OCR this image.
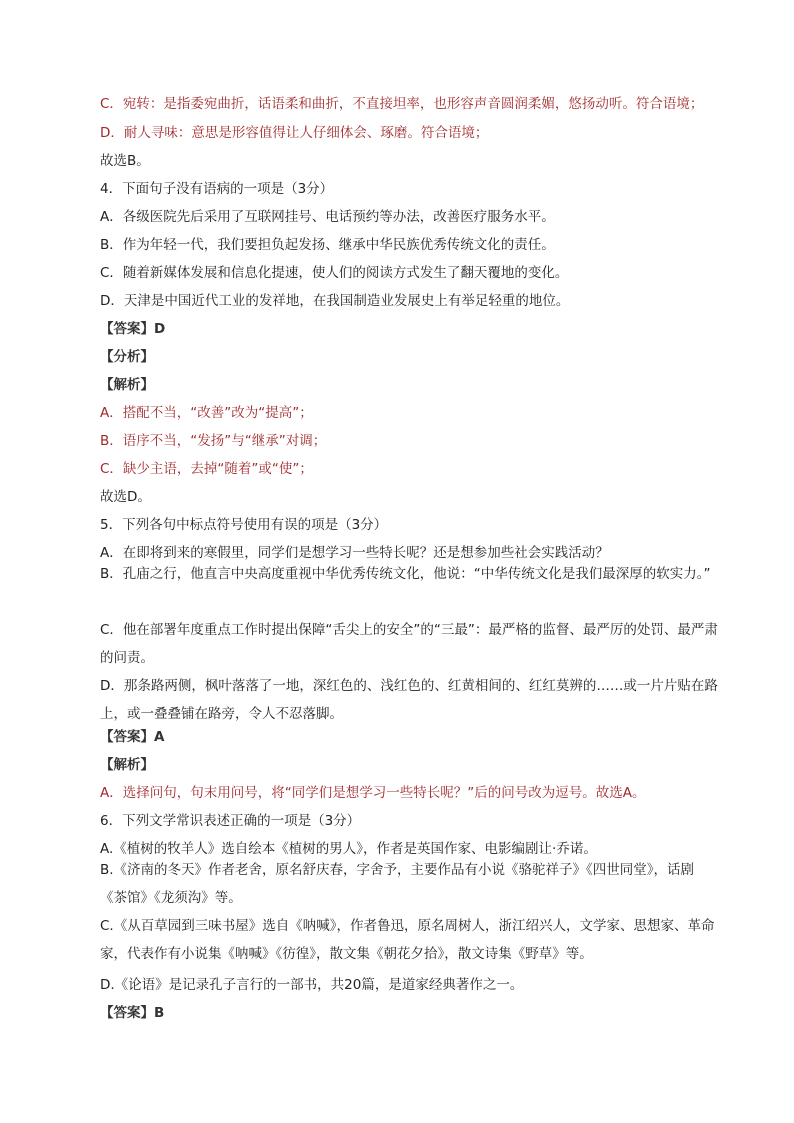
C．宛转：是指委宛曲折，话语柔和曲折，不直接坦率，也形容声音圆润柔媚，悠扬动听。符合语境；
D．耐人寻味：意思是形容值得让人仔细体会、琢磨。符合语境；
故选B。
4．下面句子没有语病的一项是（3分）
A．各级医院先后采用了互联网挂号、电话预约等办法，改善医疗服务水平。
B．作为年轻一代，我们要担负起发扬、继承中华民族优秀传统文化的责任。
C．随着新媒体发展和信息化提速，使人们的阅读方式发生了翻天覆地的变化。
D．天津是中国近代工业的发祥地，在我国制造业发展史上有举足轻重的地位。
【答案】D
【分析】
【解析】
A．搭配不当，“改善”改为“提高”；
B．语序不当，“发扬”与“继承”对调；
C．缺少主语，去掉“随着”或“使”；
故选D。
5．下列各句中标点符号使用有误的项是（3分）
A．在即将到来的寒假里，同学们是想学习一些特长呢？还是想参加些社会实践活动？
B．孔庙之行，他直言中央高度重视中华优秀传统文化，他说：“中华传统文化是我们最深厚的软实力。”
C．他在部署年度重点工作时提出保障“舌尖上的安全”的“三最”：最严格的监督、最严厉的处罚、最严肃的问责。
D．那条路两侧，枫叶落落了一地，深红色的、浅红色的、红黄相间的、红红莫辨的……或一片片贴在路上，或一叠叠铺在路旁，令人不忍落脚。
【答案】A
【解析】
A．选择问句，句末用问号，将“同学们是想学习一些特长呢？”后的问号改为逗号。故选A。
6．下列文学常识表述正确的一项是（3分）
A.《植树的牧羊人》选自绘本《植树的男人》，作者是英国作家、电影编剧让·乔诺。
B.《济南的冬天》作者老舍，原名舒庆春，字舍予，主要作品有小说《骆驼祥子》《四世同堂》，话剧《茶馆》《龙须沟》等。
C.《从百草园到三味书屋》选自《呐喊》，作者鲁迅，原名周树人，浙江绍兴人，文学家、思想家、革命家，代表作有小说集《呐喊》《彷徨》，散文集《朝花夕拾》，散文诗集《野草》等。
D.《论语》是记录孔子言行的一部书，共20篇，是道家经典著作之一。
【答案】B
